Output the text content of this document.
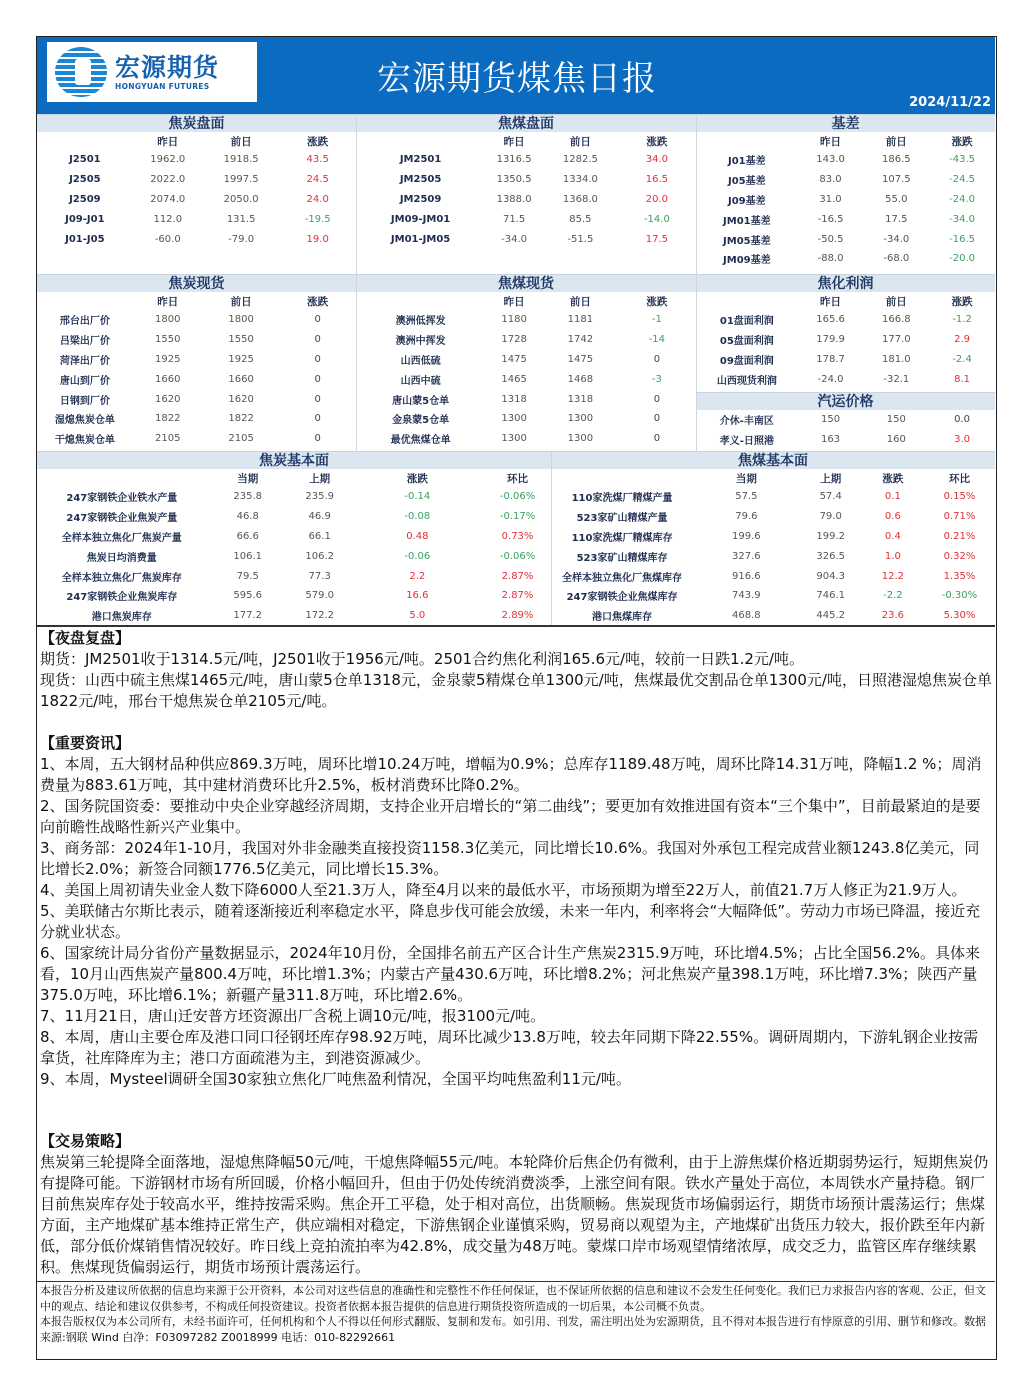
宏源期货
HONGYUAN FUTURES	宏源期货煤焦日报
2024/11/22
焦炭盘面
昨日	前日	涨跌
J2501	1962.0	1918.5	43.5
J2505	2022.0	1997.5	24.5
J2509	2074.0	2050.0	24.0
J09-J01	112.0	131.5	-19.5
J01-J05	-60.0	-79.0	19.0
焦煤盘面
昨日	前日	涨跌
JM2501	1316.5	1282.5	34.0
JM2505	1350.5	1334.0	16.5
JM2509	1388.0	1368.0	20.0
JM09-JM01	71.5	85.5	-14.0
JM01-JM05	-34.0	-51.5	17.5
基差
昨日	前日	涨跌
J01基差	143.0	186.5	-43.5
J05基差	83.0	107.5	-24.5
J09基差	31.0	55.0	-24.0
JM01基差	-16.5	17.5	-34.0
JM05基差	-50.5	-34.0	-16.5
JM09基差	-88.0	-68.0	-20.0
焦炭现货
昨日	前日	涨跌
邢台出厂价	1800	1800	0
吕梁出厂价	1550	1550	0
菏泽出厂价	1925	1925	0
唐山到厂价	1660	1660	0
日钢到厂价	1620	1620	0
湿熄焦炭仓单	1822	1822	0
干熄焦炭仓单	2105	2105	0
焦煤现货
昨日	前日	涨跌
澳洲低挥发	1180	1181	-1
澳洲中挥发	1728	1742	-14
山西低硫	1475	1475	0
山西中硫	1465	1468	-3
唐山蒙5仓单	1318	1318	0
金泉蒙5仓单	1300	1300	0
最优焦煤仓单	1300	1300	0
焦化利润
昨日	前日	涨跌
01盘面利润	165.6	166.8	-1.2
05盘面利润	179.9	177.0	2.9
09盘面利润	178.7	181.0	-2.4
山西现货利润	-24.0	-32.1	8.1
汽运价格
介休-丰南区	150	150	0.0
孝义-日照港	163	160	3.0
焦炭基本面
当期	上期	涨跌	环比
247家钢铁企业铁水产量	235.8	235.9	-0.14	-0.06%
247家钢铁企业焦炭产量	46.8	46.9	-0.08	-0.17%
全样本独立焦化厂焦炭产量	66.6	66.1	0.48	0.73%
焦炭日均消费量	106.1	106.2	-0.06	-0.06%
全样本独立焦化厂焦炭库存	79.5	77.3	2.2	2.87%
247家钢铁企业焦炭库存	595.6	579.0	16.6	2.87%
港口焦炭库存	177.2	172.2	5.0	2.89%
焦煤基本面
当期	上期	涨跌	环比
110家洗煤厂精煤产量	57.5	57.4	0.1	0.15%
523家矿山精煤产量	79.6	79.0	0.6	0.71%
110家洗煤厂精煤库存	199.6	199.2	0.4	0.21%
523家矿山精煤库存	327.6	326.5	1.0	0.32%
全样本独立焦化厂焦煤库存	916.6	904.3	12.2	1.35%
247家钢铁企业焦煤库存	743.9	746.1	-2.2	-0.30%
港口焦煤库存	468.8	445.2	23.6	5.30%
【夜盘复盘】
期货：JM2501收于1314.5元/吨，J2501收于1956元/吨。2501合约焦化利润165.6元/吨，较前一日跌1.2元/吨。
现货：山西中硫主焦煤1465元/吨，唐山蒙5仓单1318元，金泉蒙5精煤仓单1300元/吨，焦煤最优交割品仓单1300元/吨，日照港湿熄焦炭仓单1822元/吨，邢台干熄焦炭仓单2105元/吨。
【重要资讯】
1、本周，五大钢材品种供应869.3万吨，周环比增10.24万吨，增幅为0.9%；总库存1189.48万吨，周环比降14.31万吨，降幅1.2 %；周消费量为883.61万吨，其中建材消费环比升2.5%，板材消费环比降0.2%。
2、国务院国资委：要推动中央企业穿越经济周期，支持企业开启增长的“第二曲线”；要更加有效推进国有资本“三个集中”，目前最紧迫的是要向前瞻性战略性新兴产业集中。
3、商务部：2024年1-10月，我国对外非金融类直接投资1158.3亿美元，同比增长10.6%。我国对外承包工程完成营业额1243.8亿美元，同比增长2.0%；新签合同额1776.5亿美元，同比增长15.3%。
4、美国上周初请失业金人数下降6000人至21.3万人，降至4月以来的最低水平，市场预期为增至22万人，前值21.7万人修正为21.9万人。
5、美联储古尔斯比表示，随着逐渐接近利率稳定水平，降息步伐可能会放缓，未来一年内，利率将会“大幅降低”。劳动力市场已降温，接近充分就业状态。
6、国家统计局分省份产量数据显示，2024年10月份，全国排名前五产区合计生产焦炭2315.9万吨，环比增4.5%；占比全国56.2%。具体来看，10月山西焦炭产量800.4万吨，环比增1.3%；内蒙古产量430.6万吨，环比增8.2%；河北焦炭产量398.1万吨，环比增7.3%；陕西产量375.0万吨，环比增6.1%；新疆产量311.8万吨，环比增2.6%。
7、11月21日，唐山迁安普方坯资源出厂含税上调10元/吨，报3100元/吨。
8、本周，唐山主要仓库及港口同口径钢坯库存98.92万吨，周环比减少13.8万吨，较去年同期下降22.55%。调研周期内，下游轧钢企业按需拿货，社库降库为主；港口方面疏港为主，到港资源减少。
9、本周，Mysteel调研全国30家独立焦化厂吨焦盈利情况，全国平均吨焦盈利11元/吨。
【交易策略】
焦炭第三轮提降全面落地，湿熄焦降幅50元/吨，干熄焦降幅55元/吨。本轮降价后焦企仍有微利，由于上游焦煤价格近期弱势运行，短期焦炭仍有提降可能。下游钢材市场有所回暖，价格小幅回升，但由于仍处传统消费淡季，上涨空间有限。铁水产量处于高位，本周铁水产量持稳。钢厂目前焦炭库存处于较高水平，维持按需采购。焦企开工平稳，处于相对高位，出货顺畅。焦炭现货市场偏弱运行，期货市场预计震荡运行；焦煤方面，主产地煤矿基本维持正常生产，供应端相对稳定，下游焦钢企业谨慎采购，贸易商以观望为主，产地煤矿出货压力较大，报价跌至年内新低，部分低价煤销售情况较好。昨日线上竞拍流拍率为42.8%，成交量为48万吨。蒙煤口岸市场观望情绪浓厚，成交乏力，监管区库存继续累积。焦煤现货偏弱运行，期货市场预计震荡运行。
本报告分析及建议所依据的信息均来源于公开资料，本公司对这些信息的准确性和完整性不作任何保证，也不保证所依据的信息和建议不会发生任何变化。我们已力求报告内容的客观、公正，但文中的观点、结论和建议仅供参考，不构成任何投资建议。投资者依据本报告提供的信息进行期货投资所造成的一切后果，本公司概不负责。
本报告版权仅为本公司所有，未经书面许可，任何机构和个人不得以任何形式翻版、复制和发布。如引用、刊发，需注明出处为宏源期货，且不得对本报告进行有悖原意的引用、删节和修改。数据来源:钢联 Wind 白净：F03097282 Z0018999 电话：010-82292661
